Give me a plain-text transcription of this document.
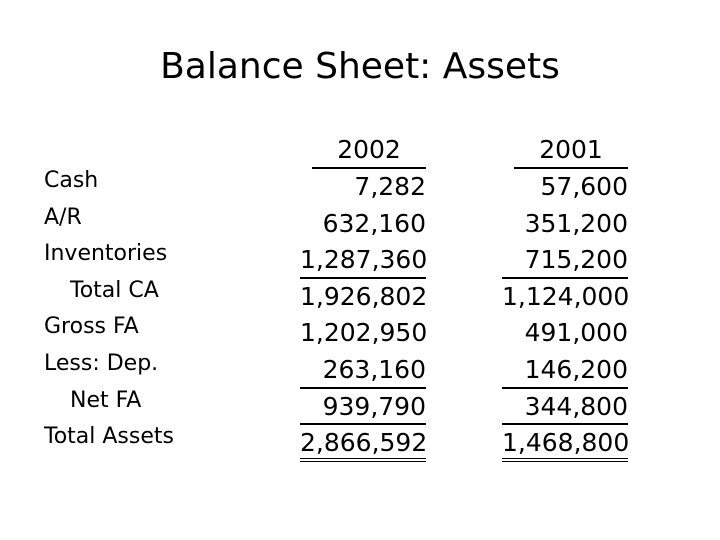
Balance Sheet: Assets
Cash
A/R
Inventories
Total CA
Gross FA
Less: Dep.
Net FA
Total Assets
2002
7,282
632,160
1,287,360
1,926,802
1,202,950
263,160
939,790
2,866,592
2001
57,600
351,200
715,200
1,124,000
491,000
146,200
344,800
1,468,800
